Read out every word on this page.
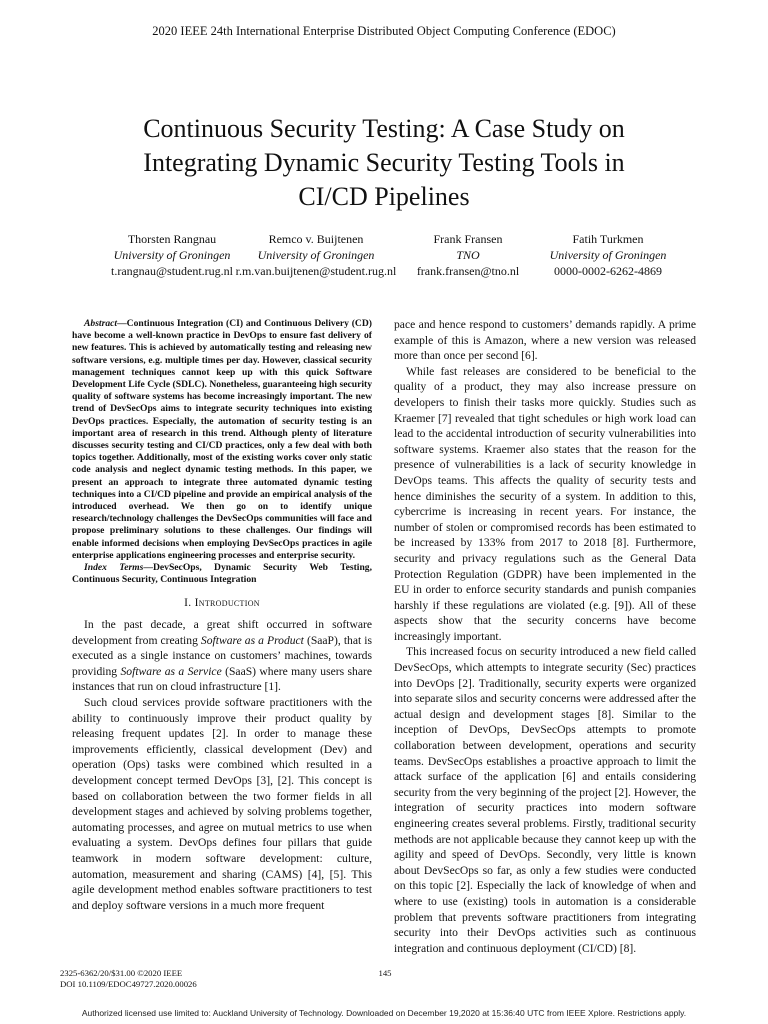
2020 IEEE 24th International Enterprise Distributed Object Computing Conference (EDOC)
Continuous Security Testing: A Case Study on
Integrating Dynamic Security Testing Tools in
CI/CD Pipelines
Thorsten Rangnau
University of Groningen
t.rangnau@student.rug.nl
Remco v. Buijtenen
University of Groningen
r.m.van.buijtenen@student.rug.nl
Frank Fransen
TNO
frank.fransen@tno.nl
Fatih Turkmen
University of Groningen
0000-0002-6262-4869

Abstract—Continuous Integration (CI) and Continuous Delivery (CD) have become a well-known practice in DevOps to ensure fast delivery of new features. This is achieved by automatically testing and releasing new software versions, e.g. multiple times per day. However, classical security management techniques cannot keep up with this quick Software Development Life Cycle (SDLC). Nonetheless, guaranteeing high security quality of software systems has become increasingly important. The new trend of DevSecOps aims to integrate security techniques into existing DevOps practices. Especially, the automation of security testing is an important area of research in this trend. Although plenty of literature discusses security testing and CI/CD practices, only a few deal with both topics together. Additionally, most of the existing works cover only static code analysis and neglect dynamic testing methods. In this paper, we present an approach to integrate three automated dynamic testing techniques into a CI/CD pipeline and provide an empirical analysis of the introduced overhead. We then go on to identify unique research/technology challenges the DevSecOps communities will face and propose preliminary solutions to these challenges. Our findings will enable informed decisions when employing DevSecOps practices in agile enterprise applications engineering processes and enterprise security.

Index Terms—DevSecOps, Dynamic Security Web Testing, Continuous Security, Continuous Integration

I. Introduction

In the past decade, a great shift occurred in software development from creating Software as a Product (SaaP), that is executed as a single instance on customers’ machines, towards providing Software as a Service (SaaS) where many users share instances that run on cloud infrastructure [1].

Such cloud services provide software practitioners with the ability to continuously improve their product quality by releasing frequent updates [2]. In order to manage these improvements efficiently, classical development (Dev) and operation (Ops) tasks were combined which resulted in a development concept termed DevOps [3], [2]. This concept is based on collaboration between the two former fields in all development stages and achieved by solving problems together, automating processes, and agree on mutual metrics to use when evaluating a system. DevOps defines four pillars that guide teamwork in modern software development: culture, automation, measurement and sharing (CAMS) [4], [5]. This agile development method enables software practitioners to test and deploy software versions in a much more frequent

pace and hence respond to customers’ demands rapidly. A prime example of this is Amazon, where a new version was released more than once per second [6].

While fast releases are considered to be beneficial to the quality of a product, they may also increase pressure on developers to finish their tasks more quickly. Studies such as Kraemer [7] revealed that tight schedules or high work load can lead to the accidental introduction of security vulnerabilities into software systems. Kraemer also states that the reason for the presence of vulnerabilities is a lack of security knowledge in DevOps teams. This affects the quality of security tests and hence diminishes the security of a system. In addition to this, cybercrime is increasing in recent years. For instance, the number of stolen or compromised records has been estimated to be increased by 133% from 2017 to 2018 [8]. Furthermore, security and privacy regulations such as the General Data Protection Regulation (GDPR) have been implemented in the EU in order to enforce security standards and punish companies harshly if these regulations are violated (e.g. [9]). All of these aspects show that the security concerns have become increasingly important.

This increased focus on security introduced a new field called DevSecOps, which attempts to integrate security (Sec) practices into DevOps [2]. Traditionally, security experts were organized into separate silos and security concerns were addressed after the actual design and development stages [8]. Similar to the inception of DevOps, DevSecOps attempts to promote collaboration between development, operations and security teams. DevSecOps establishes a proactive approach to limit the attack surface of the application [6] and entails considering security from the very beginning of the project [2]. However, the integration of security practices into modern software engineering creates several problems. Firstly, traditional security methods are not applicable because they cannot keep up with the agility and speed of DevOps. Secondly, very little is known about DevSecOps so far, as only a few studies were conducted on this topic [2]. Especially the lack of knowledge of when and where to use (existing) tools in automation is a considerable problem that prevents software practitioners from integrating security into their DevOps activities such as continuous integration and continuous deployment (CI/CD) [8].

2325-6362/20/$31.00 ©2020 IEEE
DOI 10.1109/EDOC49727.2020.00026
145
Authorized licensed use limited to: Auckland University of Technology. Downloaded on December 19,2020 at 15:36:40 UTC from IEEE Xplore. Restrictions apply.
